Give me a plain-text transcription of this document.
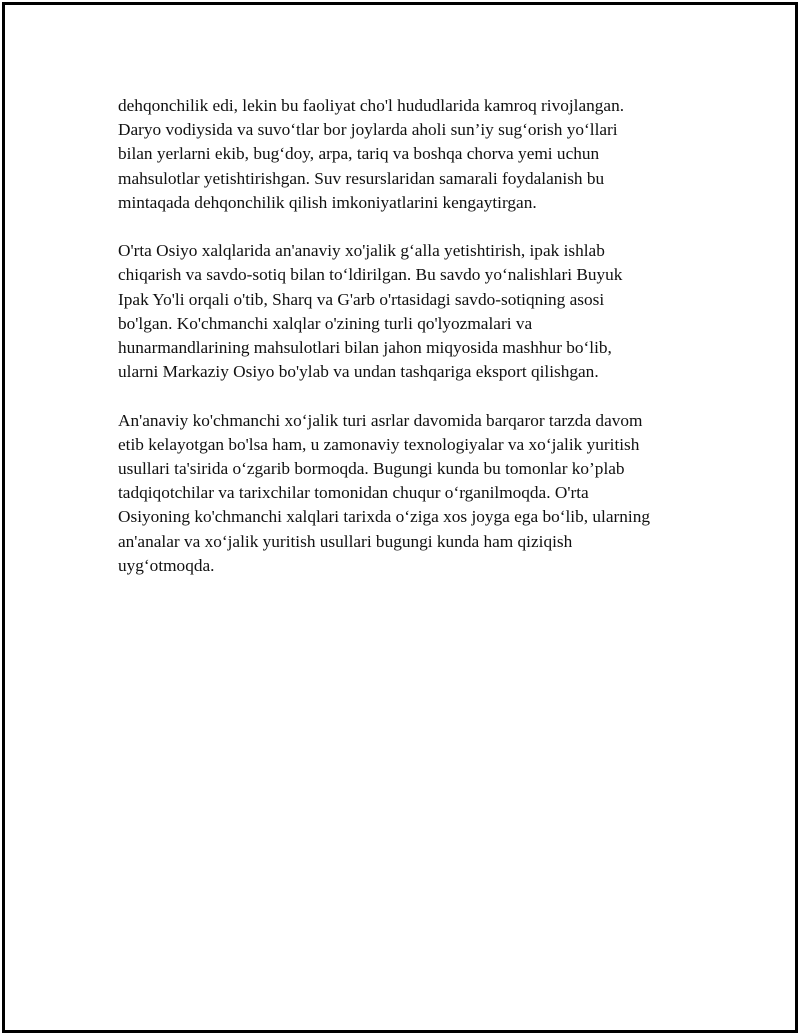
dehqonchilik edi, lekin bu faoliyat cho'l hududlarida kamroq rivojlangan.
Daryo vodiysida va suvo‘tlar bor joylarda aholi sun’iy sug‘orish yo‘llari
bilan yerlarni ekib, bug‘doy, arpa, tariq va boshqa chorva yemi uchun
mahsulotlar yetishtirishgan. Suv resurslaridan samarali foydalanish bu
mintaqada dehqonchilik qilish imkoniyatlarini kengaytirgan.

O'rta Osiyo xalqlarida an'anaviy xo'jalik g‘alla yetishtirish, ipak ishlab
chiqarish va savdo-sotiq bilan to‘ldirilgan. Bu savdo yo‘nalishlari Buyuk
Ipak Yo'li orqali o'tib, Sharq va G'arb o'rtasidagi savdo-sotiqning asosi
bo'lgan. Ko'chmanchi xalqlar o'zining turli qo'lyozmalari va
hunarmandlarining mahsulotlari bilan jahon miqyosida mashhur bo‘lib,
ularni Markaziy Osiyo bo'ylab va undan tashqariga eksport qilishgan.

An'anaviy ko'chmanchi xo‘jalik turi asrlar davomida barqaror tarzda davom
etib kelayotgan bo'lsa ham, u zamonaviy texnologiyalar va xo‘jalik yuritish
usullari ta'sirida o‘zgarib bormoqda. Bugungi kunda bu tomonlar ko’plab
tadqiqotchilar va tarixchilar tomonidan chuqur o‘rganilmoqda. O'rta
Osiyoning ko'chmanchi xalqlari tarixda o‘ziga xos joyga ega bo‘lib, ularning
an'analar va xo‘jalik yuritish usullari bugungi kunda ham qiziqish
uyg‘otmoqda.
